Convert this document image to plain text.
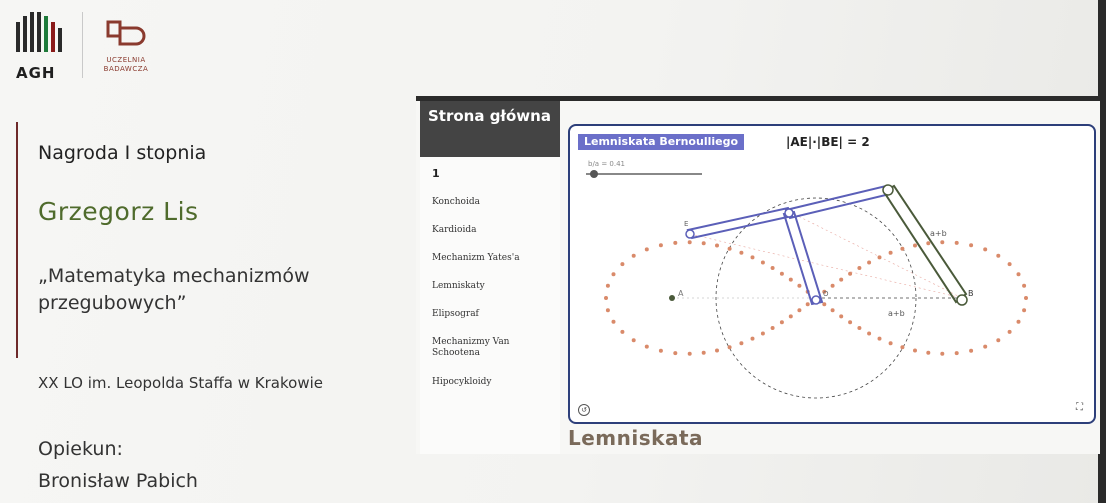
AGH
UCZELNIA
BADAWCZA
Nagroda I stopnia
Grzegorz Lis
„Matematyka mechanizmów przegubowych”
XX LO im. Leopolda Staffa w Krakowie
Opiekun:
Bronisław Pabich
Strona główna
1
Konchoida
Kardioida
Mechanizm Yates'a
Lemniskaty
Elipsograf
Mechanizmy Van Schootena
Hipocykloidy
A	B
O
E
a+b
a+b
Lemniskata Bernoulliego	|AE|·|BE| = 2
b/a = 0.41
↺	⛶
Lemniskata
